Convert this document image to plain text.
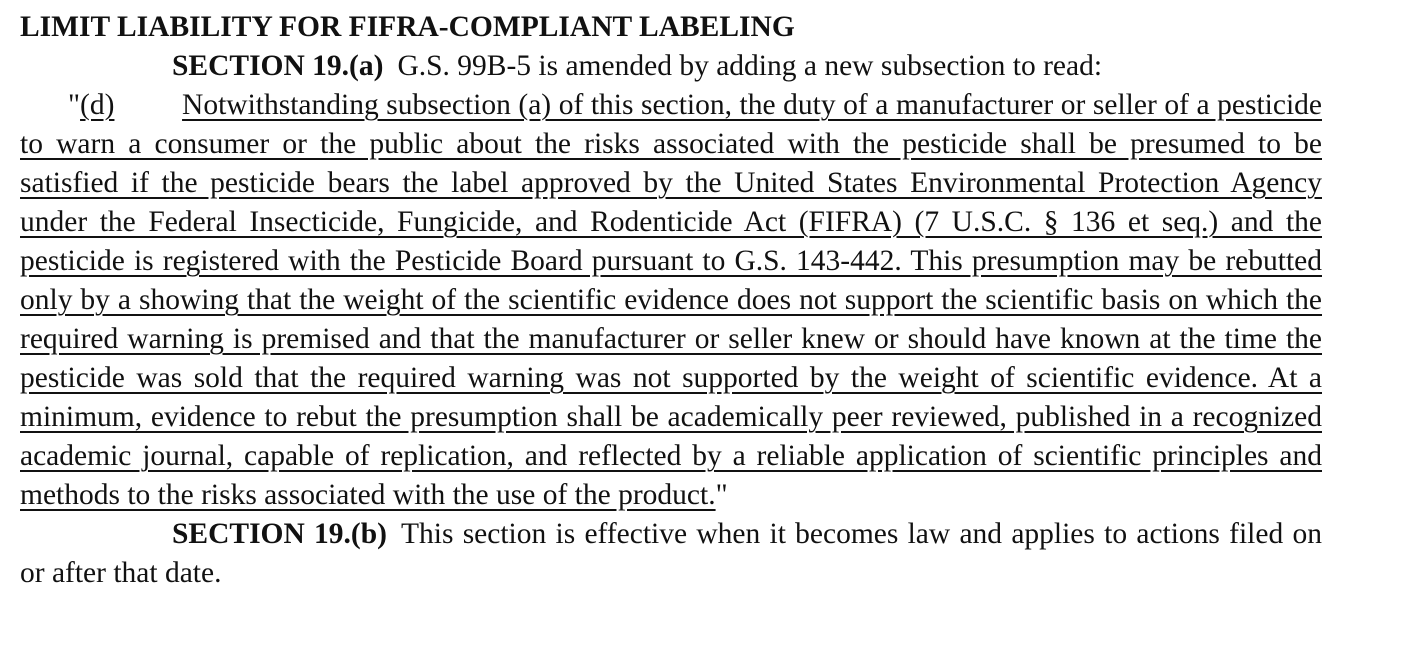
LIMIT LIABILITY FOR FIFRA-COMPLIANT LABELING

SECTION 19.(a) G.S. 99B-5 is amended by adding a new subsection to read:

"(d) Notwithstanding subsection (a) of this section, the duty of a manufacturer or seller of a pesticide to warn a consumer or the public about the risks associated with the pesticide shall be presumed to be satisfied if the pesticide bears the label approved by the United States Environmental Protection Agency under the Federal Insecticide, Fungicide, and Rodenticide Act (FIFRA) (7 U.S.C. § 136 et seq.) and the pesticide is registered with the Pesticide Board pursuant to G.S. 143-442. This presumption may be rebutted only by a showing that the weight of the scientific evidence does not support the scientific basis on which the required warning is premised and that the manufacturer or seller knew or should have known at the time the pesticide was sold that the required warning was not supported by the weight of scientific evidence. At a minimum, evidence to rebut the presumption shall be academically peer reviewed, published in a recognized academic journal, capable of replication, and reflected by a reliable application of scientific principles and methods to the risks associated with the use of the product."

SECTION 19.(b) This section is effective when it becomes law and applies to actions filed on or after that date.
